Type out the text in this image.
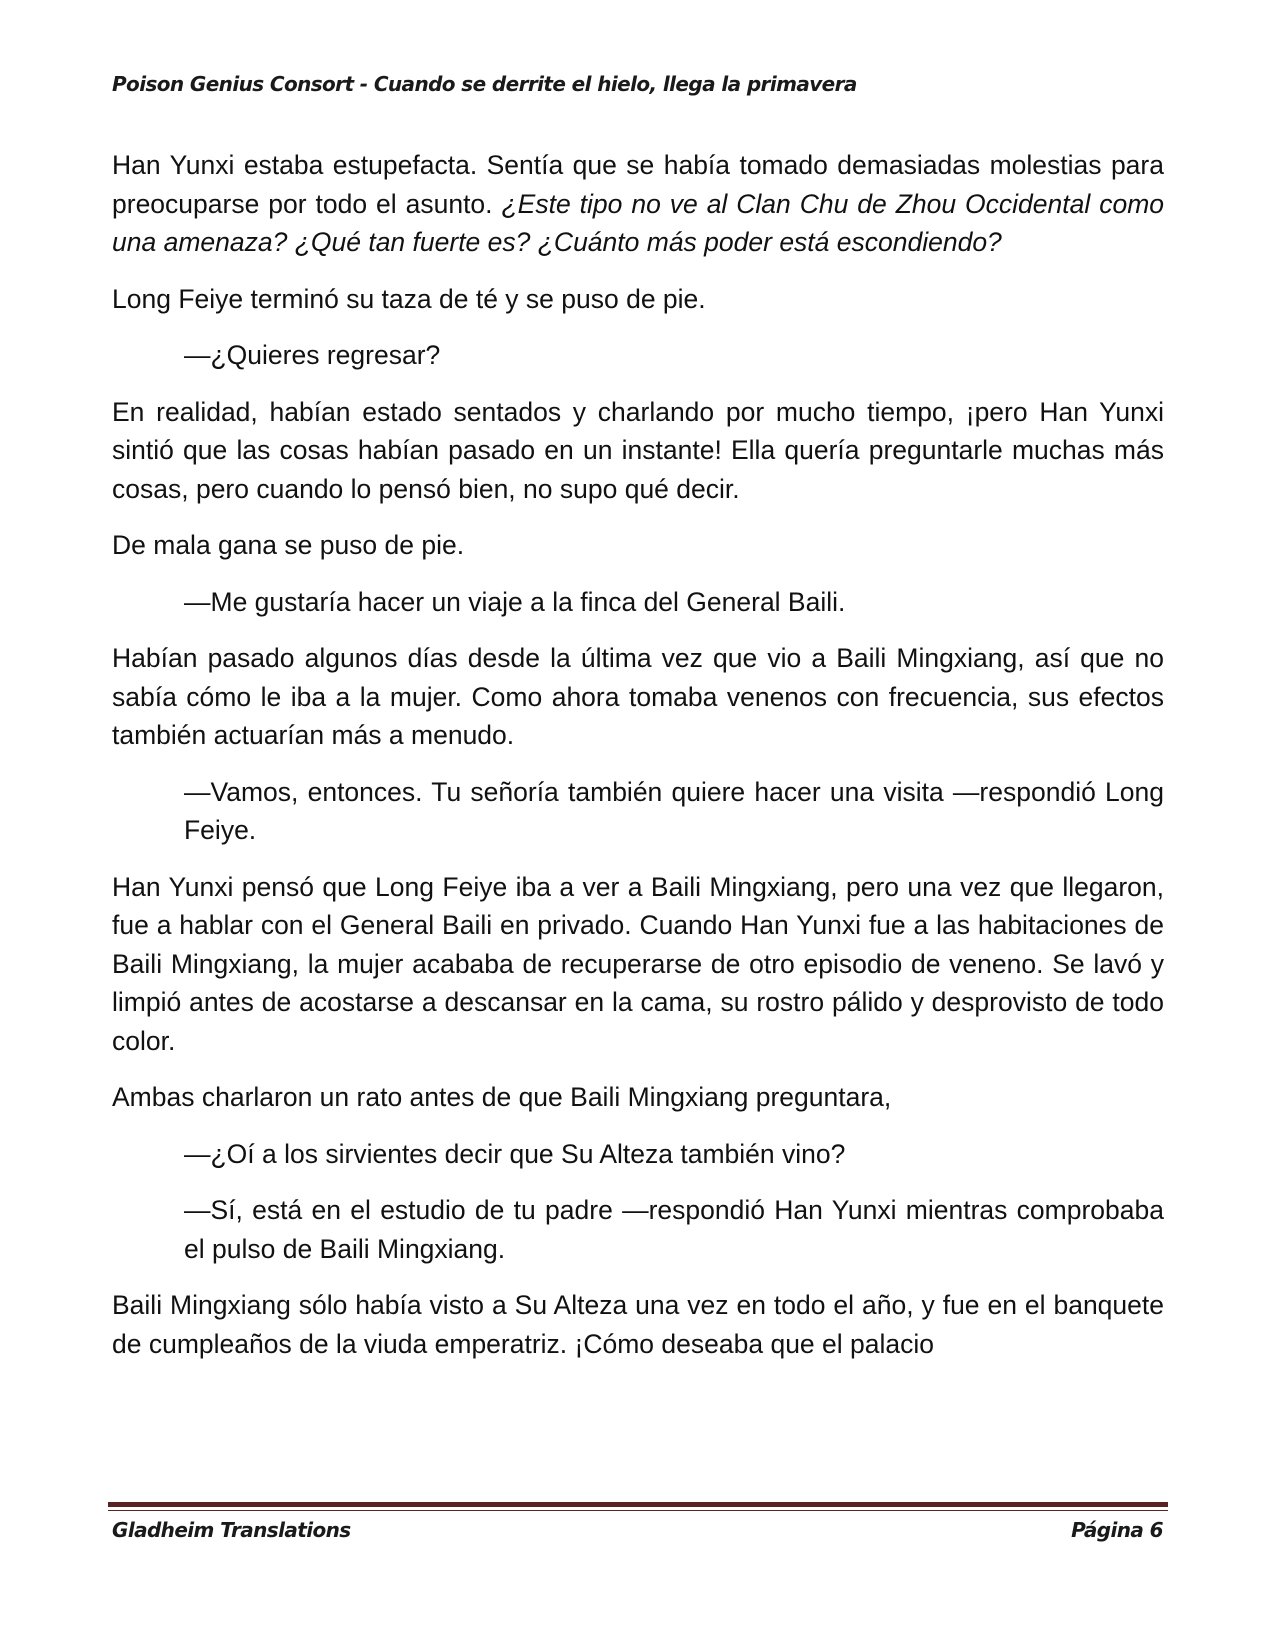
Poison Genius Consort - Cuando se derrite el hielo, llega la primavera

Han Yunxi estaba estupefacta. Sentía que se había tomado demasiadas molestias para preocuparse por todo el asunto. ¿Este tipo no ve al Clan Chu de Zhou Occidental como una amenaza? ¿Qué tan fuerte es? ¿Cuánto más poder está escondiendo?

Long Feiye terminó su taza de té y se puso de pie.

—¿Quieres regresar?

En realidad, habían estado sentados y charlando por mucho tiempo, ¡pero Han Yunxi sintió que las cosas habían pasado en un instante! Ella quería preguntarle muchas más cosas, pero cuando lo pensó bien, no supo qué decir.

De mala gana se puso de pie.

—Me gustaría hacer un viaje a la finca del General Baili.

Habían pasado algunos días desde la última vez que vio a Baili Mingxiang, así que no sabía cómo le iba a la mujer. Como ahora tomaba venenos con frecuencia, sus efectos también actuarían más a menudo.

—Vamos, entonces. Tu señoría también quiere hacer una visita —respondió Long Feiye.

Han Yunxi pensó que Long Feiye iba a ver a Baili Mingxiang, pero una vez que llegaron, fue a hablar con el General Baili en privado. Cuando Han Yunxi fue a las habitaciones de Baili Mingxiang, la mujer acababa de recuperarse de otro episodio de veneno. Se lavó y limpió antes de acostarse a descansar en la cama, su rostro pálido y desprovisto de todo color.

Ambas charlaron un rato antes de que Baili Mingxiang preguntara,

—¿Oí a los sirvientes decir que Su Alteza también vino?

—Sí, está en el estudio de tu padre —respondió Han Yunxi mientras comprobaba el pulso de Baili Mingxiang.

Baili Mingxiang sólo había visto a Su Alteza una vez en todo el año, y fue en el banquete de cumpleaños de la viuda emperatriz. ¡Cómo deseaba que el palacio

Gladheim Translations	Página 6
